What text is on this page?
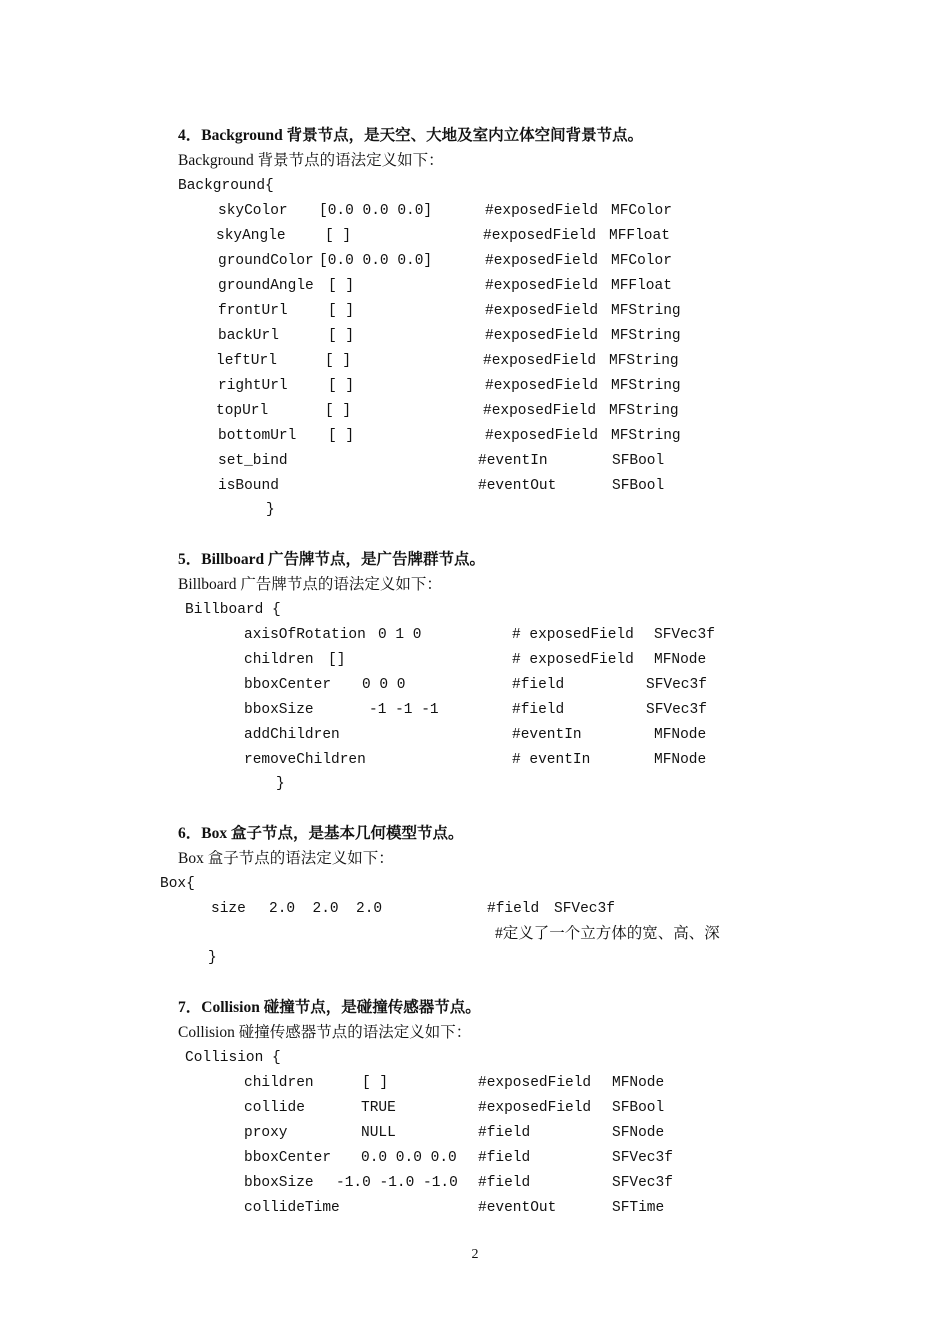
4．Background 背景节点，是天空、大地及室内立体空间背景节点。
Background 背景节点的语法定义如下：
Background{
skyColor [0.0 0.0 0.0]	#exposedField MFColor
skyAngle	[ ]	#exposedField MFFloat
groundColor [0.0 0.0 0.0]	#exposedField MFColor
groundAngle [ ]	#exposedField MFFloat
frontUrl	[ ]	#exposedField MFString
backUrl	[ ]	#exposedField MFString
leftUrl	[ ]	#exposedField MFString
rightUrl	[ ]	#exposedField MFString
topUrl	[ ]	#exposedField MFString
bottomUrl [ ]	#exposedField MFString
set_bind	#eventIn	SFBool
isBound	#eventOut	SFBool
}
5．Billboard 广告牌节点，是广告牌群节点。
Billboard 广告牌节点的语法定义如下：
Billboard {
axisOfRotation 0 1 0	# exposedField SFVec3f
children []	# exposedField MFNode
bboxCenter 0 0 0	#field	SFVec3f
bboxSize	-1 -1 -1	#field	SFVec3f
addChildren	#eventIn	MFNode
removeChildren	# eventIn	MFNode
}
6．Box 盒子节点，是基本几何模型节点。
Box 盒子节点的语法定义如下：
Box{
size 2.0  2.0  2.0	#field SFVec3f
#定义了一个立方体的宽、高、深
}
7．Collision 碰撞节点，是碰撞传感器节点。
Collision 碰撞传感器节点的语法定义如下：
Collision {
children	[ ]	#exposedField MFNode
collide	TRUE	#exposedField SFBool
proxy	NULL	#field	SFNode
bboxCenter 0.0 0.0 0.0 #field	SFVec3f
bboxSize -1.0 -1.0 -1.0 #field	SFVec3f
collideTime	#eventOut	SFTime
2
